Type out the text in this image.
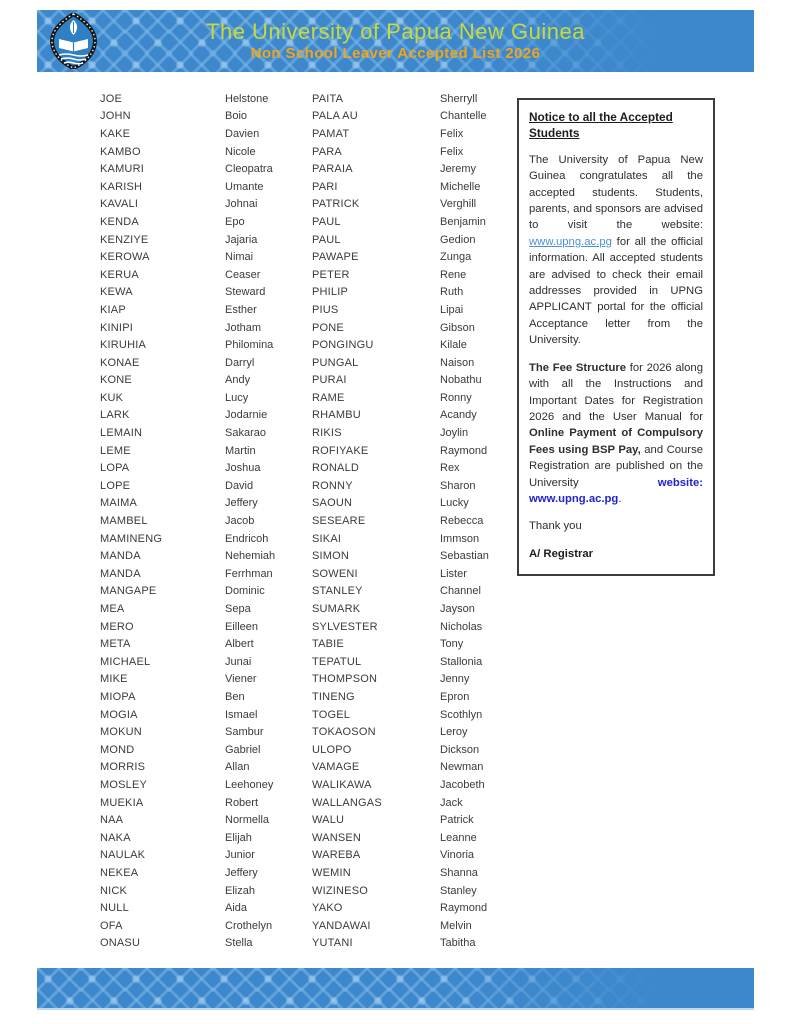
The University of Papua New Guinea
Non School Leaver Accepted List 2026
JOE	Helstone
JOHN	Boio
KAKE	Davien
KAMBO	Nicole
KAMURI	Cleopatra
KARISH	Umante
KAVALI	Johnai
KENDA	Epo
KENZIYE	Jajaria
KEROWA	Nimai
KERUA	Ceaser
KEWA	Steward
KIAP	Esther
KINIPI	Jotham
KIRUHIA	Philomina
KONAE	Darryl
KONE	Andy
KUK	Lucy
LARK	Jodarnie
LEMAIN	Sakarao
LEME	Martin
LOPA	Joshua
LOPE	David
MAIMA	Jeffery
MAMBEL	Jacob
MAMINENG	Endricoh
MANDA	Nehemiah
MANDA	Ferrhman
MANGAPE	Dominic
MEA	Sepa
MERO	Eilleen
META	Albert
MICHAEL	Junai
MIKE	Viener
MIOPA	Ben
MOGIA	Ismael
MOKUN	Sambur
MOND	Gabriel
MORRIS	Allan
MOSLEY	Leehoney
MUEKIA	Robert
NAA	Normella
NAKA	Elijah
NAULAK	Junior
NEKEA	Jeffery
NICK	Elizah
NULL	Aida
OFA	Crothelyn
ONASU	Stella
PAITA	Sherryll
PALA AU	Chantelle
PAMAT	Felix
PARA	Felix
PARAIA	Jeremy
PARI	Michelle
PATRICK	Verghill
PAUL	Benjamin
PAUL	Gedion
PAWAPE	Zunga
PETER	Rene
PHILIP	Ruth
PIUS	Lipai
PONE	Gibson
PONGINGU	Kilale
PUNGAL	Naison
PURAI	Nobathu
RAME	Ronny
RHAMBU	Acandy
RIKIS	Joylin
ROFIYAKE	Raymond
RONALD	Rex
RONNY	Sharon
SAOUN	Lucky
SESEARE	Rebecca
SIKAI	Immson
SIMON	Sebastian
SOWENI	Lister
STANLEY	Channel
SUMARK	Jayson
SYLVESTER	Nicholas
TABIE	Tony
TEPATUL	Stallonia
THOMPSON	Jenny
TINENG	Epron
TOGEL	Scothlyn
TOKAOSON	Leroy
ULOPO	Dickson
VAMAGE	Newman
WALIKAWA	Jacobeth
WALLANGAS	Jack
WALU	Patrick
WANSEN	Leanne
WAREBA	Vinoria
WEMIN	Shanna
WIZINESO	Stanley
YAKO	Raymond
YANDAWAI	Melvin
YUTANI	Tabitha
Notice to all the Accepted Students

The University of Papua New Guinea congratulates all the accepted students. Students, parents, and sponsors are advised to visit the website: www.upng.ac.pg for all the official information. All accepted students are advised to check their email addresses provided in UPNG APPLICANT portal for the official Acceptance letter from the University.

The Fee Structure for 2026 along with all the Instructions and Important Dates for Registration 2026 and the User Manual for Online Payment of Compulsory Fees using BSP Pay, and Course Registration are published on the University website: www.upng.ac.pg.

Thank you

A/ Registrar
